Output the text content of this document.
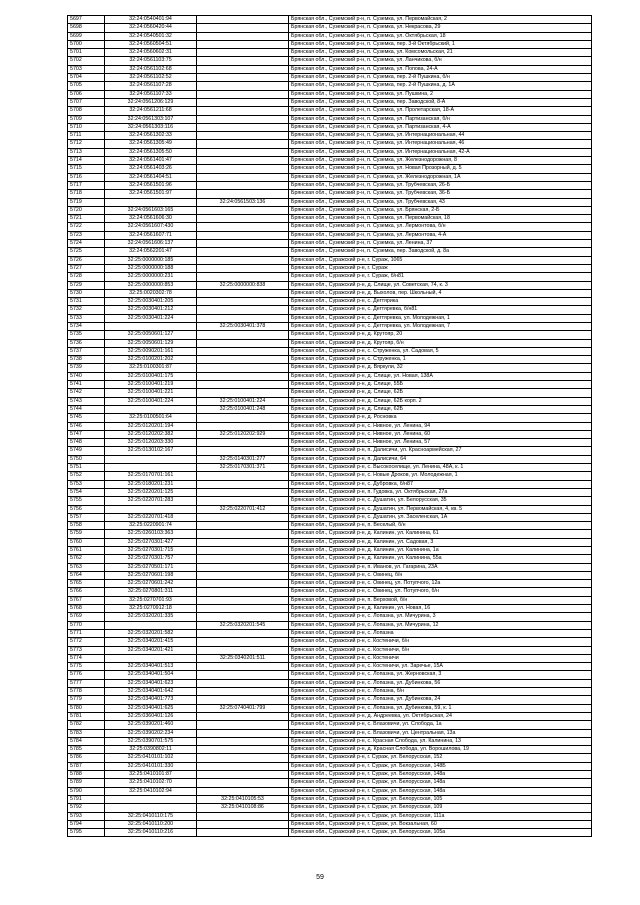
5697	32:24:0540401:94		Брянская обл., Суземский р-н, п. Суземка, ул. Первомайская, 2
5698	32:24:0560420:44		Брянская обл., Суземский р-н, п. Суземка, ул. Некрасова, 29
5699	32:24:0540501:32		Брянская обл., Суземский р-н, п. Суземка, ул. Октябрьская, 18
5700	32:24:0560504:51		Брянская обл., Суземский р-н, п. Суземка, пер. 3-й Октябрьский, 1
5701	32:24:0560602:31		Брянская обл., Суземский р-н, п. Суземка, ул. Комсомольская, 21
5702	32:24:0561103:75		Брянская обл., Суземский р-н, п. Суземка, ул. Ланчикова, б/н
5703	32:24:0561102:68		Брянская обл., Суземский р-н, п. Суземка, ул. Попова, 24-А
5704	32:24:0561102:52		Брянская обл., Суземский р-н, п. Суземка, пер. 2-й Пушкина, б/н
5705	32:24:0561107:28		Брянская обл., Суземский р-н, п. Суземка, пер. 2-й Пушкина, д. 1А
5706	32:24:0561107:33		Брянская обл., Суземский р-н, п. Суземка, ул. Пушкина, 2
5707	32:24:0561206:129		Брянская обл., Суземский р-н, п. Суземка, пер. Заводской, 8-А
5708	32:24:0561211:68		Брянская обл., Суземский р-н, п. Суземка, ул. Пролетарская, 18-А
5709	32:24:0561303:107		Брянская обл., Суземский р-н, п. Суземка, ул. Партизанская, б/н
5710	32:24:0561303:116		Брянская обл., Суземский р-н, п. Суземка, ул. Партизанская, 4-А
5711	32:24:0561302:33		Брянская обл., Суземский р-н, п. Суземка, ул. Интернациональная, 44
5712	32:24:0561305:49		Брянская обл., Суземский р-н, п. Суземка, ул. Интернациональная, 46
5713	32:24:0561305:50		Брянская обл., Суземский р-н, п. Суземка, ул. Интернациональная, 42-А
5714	32:24:0561401:47		Брянская обл., Суземский р-н, п. Суземка, ул. Железнодорожная, 8
5715	32:24:0561403:26		Брянская обл., Суземский р-н, п. Суземка, ул. Новая Прозорный, д. 5
5716	32:24:0561404:51		Брянская обл., Суземский р-н, п. Суземка, ул. Железнодорожная, 1А
5717	32:24:0561501:96		Брянская обл., Суземский р-н, п. Суземка, ул. Трубчевская, 26-Б
5718	32:24:0561501:97		Брянская обл., Суземский р-н, п. Суземка, ул. Трубчевская, 36-Б
5719		32:24:0561503:136	Брянская обл., Суземский р-н, п. Суземка, ул. Трубчевская, 43
5720	32:24:0561603:165		Брянская обл., Суземский р-н, п. Суземка, ул. Брянская, 2-Б
5721	32:24:0561606:30		Брянская обл., Суземский р-н, п. Суземка, ул. Первомайская, 18
5722	32:24:0561607:430		Брянская обл., Суземский р-н, п. Суземка, ул. Лермонтова, б/н
5723	32:24:0561607:71		Брянская обл., Суземский р-н, п. Суземка, ул. Лермонтова, 4-А
5724	32:24:0561606:137		Брянская обл., Суземский р-н, п. Суземка, ул. Ленина, 37
5725	32:24:0562201:47		Брянская обл., Суземский р-н, п. Суземка, пер. Заводской, д. 8а
5726	32:25:0000000:185		Брянская обл., Суражский р-н, г. Сураж, 1065
5727	32:25:0000000:188		Брянская обл., Суражский р-н, г. Сураж
5728	32:25:0000000:231		Брянская обл., Суражский р-н, г. Сураж, б/н81
5729	32:25:0000000:853	32:25:0000000:838	Брянская обл., Суражский р-н, д. Слище, ул. Советская, 74, к. 3
5730	32:25:0020302:78		Брянская обл., Суражский р-н, д. Выхолов, пер. Школьный, 4
5731	32:25:0030401:205		Брянская обл., Суражский р-н, с. Дегтярика
5732	32:25:0030401:212		Брянская обл., Суражский р-н, с. Дегтяревка, б/н81
5733	32:25:0030401:224		Брянская обл., Суражский р-н, с. Дегтяревка, ул. Молодежная, 1
5734		32:25:0030401:378	Брянская обл., Суражский р-н, с. Дегтяревка, ул. Молодежная, 7
5735	32:25:0050601:127		Брянская обл., Суражский р-н, д. Крутояр, 20
5736	32:25:0050601:129		Брянская обл., Суражский р-н, д. Крутояр, б/н
5737	32:25:0090201:161		Брянская обл., Суражский р-н, с. Струженка, ул. Садовая, 5
5738	32:25:0100201:202		Брянская обл., Суражский р-н, с. Струженка, 1
5739	32:25:0100301:87		Брянская обл., Суражский р-н, д. Вяркули, 32
5740	32:25:0100401:175		Брянская обл., Суражский р-н, д. Слище, ул. Новая, 138А
5741	32:25:0100401:219		Брянская обл., Суражский р-н, д. Слище, 55Б
5742	32:25:0100401:221		Брянская обл., Суражский р-н, д. Слище, 62Б
5743	32:25:0100401:224	32:25:0100401:224	Брянская обл., Суражский р-н, д. Слище, 62Б корп. 2
5744		32:25:0100401:248	Брянская обл., Суражский р-н, д. Слище, 62Б
5745	32:25:0100501:64		Брянская обл., Суражский р-н, д. Росновка
5746	32:25:0120201:194		Брянская обл., Суражский р-н, с. Нивное, ул. Ленина, 94
5747	32:25:0120202:382	32:25:0120202:929	Брянская обл., Суражский р-н, с. Нивное, ул. Ленина, 60
5748	32:25:0120203:330		Брянская обл., Суражский р-н, с. Нивное, ул. Ленина, 57
5749	32:25:0130102:167		Брянская обл., Суражский р-н, п. Далисичи, ул. Красноармейская, 27
5750		32:25:0140301:277	Брянская обл., Суражский р-н, п. Далисичи, 64
5751		32:25:0170301:371	Брянская обл., Суражский р-н, с. Высокоселище, ул. Ленина, 48А, к. 1
5752	32:25:0170701:161		Брянская обл., Суражский р-н, с. Новые Дроков, ул. Молодежная, 1
5753	32:25:0180201:231		Брянская обл., Суражский р-н, с. Дубровка, б/н87
5754	32:25:0220201:125		Брянская обл., Суражский р-н, п. Гудовка, ул. Октябрьская, 27а
5755	32:25:0220701:283		Брянская обл., Суражский р-н, с. Душатин, ул. Белорусская, 35
5756		32:25:0220701:412	Брянская обл., Суражский р-н, с. Душатин, ул. Первомайская, 4, кв. 5
5757	32:25:0220701:418		Брянская обл., Суражский р-н, с. Душатин, ул. Заселенская, 1А
5758	32:25:0220901:74		Брянская обл., Суражский р-н, п. Веселый, б/н
5759	32:25:0260103:363		Брянская обл., Суражский р-н, д. Калинин, ул. Калинина, 61
5760	32:25:0270301:427		Брянская обл., Суражский р-н, д. Калинин, ул. Садовая, 3
5761	32:25:0270301:715		Брянская обл., Суражский р-н, д. Калинин, ул. Калинина, 1а
5762	32:25:0270301:757		Брянская обл., Суражский р-н, д. Калинин, ул. Калинина, 55а
5763	32:25:0270501:171		Брянская обл., Суражский р-н, п. Иванов, ул. Гагарина, 23А
5764	32:25:0270601:198		Брянская обл., Суражский р-н, с. Овинец, б/н
5765	32:25:0270601:242		Брянская обл., Суражский р-н, с. Овинец, ул. Потупчого, 12а
5766	32:25:0270801:311		Брянская обл., Суражский р-н, с. Овинец, ул. Потупчого, б/н
5767	32:25:0270701:93		Брянская обл., Суражский р-н, п. Верховой, б/н
5768	32:25:0270912:18		Брянская обл., Суражский р-н, д. Калинин, ул. Новая, 16
5769	32:25:0320201:335		Брянская обл., Суражский р-н, с. Лопазна, ул. Мичурина, 3
5770		32:25:0320201:545	Брянская обл., Суражский р-н, с. Лопазна, ул. Мичурина, 12
5771	32:25:0320201:582		Брянская обл., Суражский р-н, с. Лопазна
5772	32:25:0340201:415		Брянская обл., Суражский р-н, с. Костеничи, б/н
5773	32:25:0340201:421		Брянская обл., Суражский р-н, с. Костеничи, б/н
5774		32:25:0340201:511	Брянская обл., Суражский р-н, с. Костеничи
5775	32:25:0340401:513		Брянская обл., Суражский р-н, с. Костеничи, ул. Заречье, 15А
5776	32:25:0340401:504		Брянская обл., Суражский р-н, с. Лопазна, ул. Жерновская, 3
5777	32:25:0340401:623		Брянская обл., Суражский р-н, с. Лопазна, ул. Дубинкова, 56
5778	32:25:0340401:642		Брянская обл., Суражский р-н, с. Лопазна, б/н
5779	32:25:0340401:773		Брянская обл., Суражский р-н, с. Лопазна, ул. Дубинкова, 24
5780	32:25:0340401:625	32:25:0740401:799	Брянская обл., Суражский р-н, с. Лопазна, ул. Дубинкова, 59, к. 1
5781	32:25:0360401:126		Брянская обл., Суражский р-н, д. Андреевка, ул. Октябрьская, 24
5782	32:25:0390201:460		Брянская обл., Суражский р-н, с. Влазовичи, ул. Слобода, 1а
5783	32:25:0390202:234		Брянская обл., Суражский р-н, с. Влазовичи, ул. Центральная, 13а
5784	32:25:0390701:575		Брянская обл., Суражский р-н, с. Красная Слобода, ул. Калинина, 13
5785	32:25:0390802:11		Брянская обл., Суражский р-н, д. Красная Слобода, ул. Ворошилова, 19
5786	32:25:0410101:102		Брянская обл., Суражский р-н, г. Сураж, ул. Белорусская, 152
5787	32:25:0410101:330		Брянская обл., Суражский р-н, г. Сураж, ул. Белорусская, 148Б
5788	32:25:0410101:87		Брянская обл., Суражский р-н, г. Сураж, ул. Белорусская, 148а
5789	32:25:0410102:70		Брянская обл., Суражский р-н, г. Сураж, ул. Белорусская, 148а
5790	32:25:0410102:94		Брянская обл., Суражский р-н, г. Сураж, ул. Белорусская, 148а
5791		32:25:0410105:53	Брянская обл., Суражский р-н, г. Сураж, ул. Белорусская, 105
5792		32:25:0410108:86	Брянская обл., Суражский р-н, г. Сураж, ул. Белорусская, 109
5793	32:25:0410110:175		Брянская обл., Суражский р-н, г. Сураж, ул. Белорусская, 111а
5794	32:25:0410110:200		Брянская обл., Суражский р-н, г. Сураж, ул. Вокзальная, 60
5795	32:25:0410110:216		Брянская обл., Суражский р-н, г. Сураж, ул. Белорусская, 105а
59
